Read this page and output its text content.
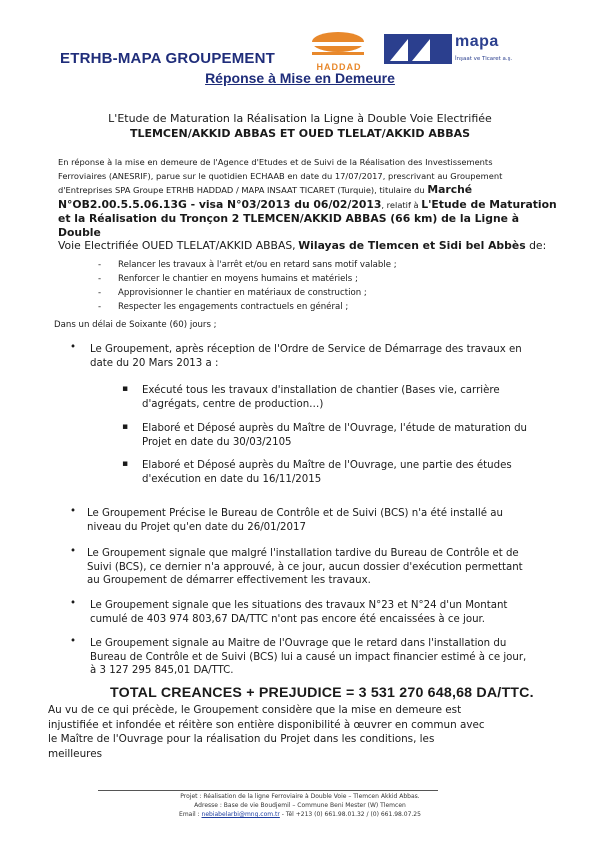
ETRHB-MAPA GROUPEMENT	HADDAD
mapa
İnşaat ve Ticaret a.ş.
Réponse à Mise en Demeure
L'Etude de Maturation la Réalisation la Ligne à Double Voie Electrifiée
TLEMCEN/AKKID ABBAS ET OUED TLELAT/AKKID ABBAS
En réponse à la mise en demeure de l'Agence d'Etudes et de Suivi de la Réalisation des Investissements
Ferroviaires (ANESRIF), parue sur le quotidien ECHAAB en date du 17/07/2017, prescrivant au Groupement
d'Entreprises SPA Groupe ETRHB HADDAD / MAPA INSAAT TICARET (Turquie), titulaire du Marché
N°OB2.00.5.5.06.13G - visa N°03/2013 du 06/02/2013, relatif à L'Etude de Maturation
et la Réalisation du Tronçon 2 TLEMCEN/AKKID ABBAS (66 km) de la Ligne à Double
Voie Electrifiée OUED TLELAT/AKKID ABBAS, Wilayas de Tlemcen et Sidi bel Abbès de:
- Relancer les travaux à l'arrêt et/ou en retard sans motif valable ;
- Renforcer le chantier en moyens humains et matériels ;
- Approvisionner le chantier en matériaux de construction ;
- Respecter les engagements contractuels en général ;
Dans un délai de Soixante (60) jours ;
• Le Groupement, après réception de l'Ordre de Service de Démarrage des travaux en
date du 20 Mars 2013 a :
▪ Exécuté tous les travaux d'installation de chantier (Bases vie, carrière
d'agrégats, centre de production…)
▪ Elaboré et Déposé auprès du Maître de l'Ouvrage, l'étude de maturation du
Projet en date du 30/03/2105
▪ Elaboré et Déposé auprès du Maître de l'Ouvrage, une partie des études
d'exécution en date du 16/11/2015
• Le Groupement Précise le Bureau de Contrôle et de Suivi (BCS) n'a été installé au
niveau du Projet qu'en date du 26/01/2017
• Le Groupement signale que malgré l'installation tardive du Bureau de Contrôle et de
Suivi (BCS), ce dernier n'a approuvé, à ce jour, aucun dossier d'exécution permettant
au Groupement de démarrer effectivement les travaux.
• Le Groupement signale que les situations des travaux N°23 et N°24 d'un Montant
cumulé de 403 974 803,67 DA/TTC n'ont pas encore été encaissées à ce jour.
• Le Groupement signale au Maitre de l'Ouvrage que le retard dans l'installation du
Bureau de Contrôle et de Suivi (BCS) lui a causé un impact financier estimé à ce jour,
à 3 127 295 845,01 DA/TTC.
TOTAL CREANCES + PREJUDICE = 3 531 270 648,68 DA/TTC.
Au vu de ce qui précède, le Groupement considère que la mise en demeure est
injustifiée et infondée et réitère son entière disponibilité à œuvrer en commun avec
le Maître de l'Ouvrage pour la réalisation du Projet dans les conditions, les
meilleures
Projet : Réalisation de la ligne Ferroviaire à Double Voie – Tlemcen Akkid Abbas.
Adresse : Base de vie Boudjemil – Commune Beni Mester (W) Tlemcen
Email : nebiabelarbi@mng.com.tr - Tél +213 (0) 661.98.01.32 / (0) 661.98.07.25
